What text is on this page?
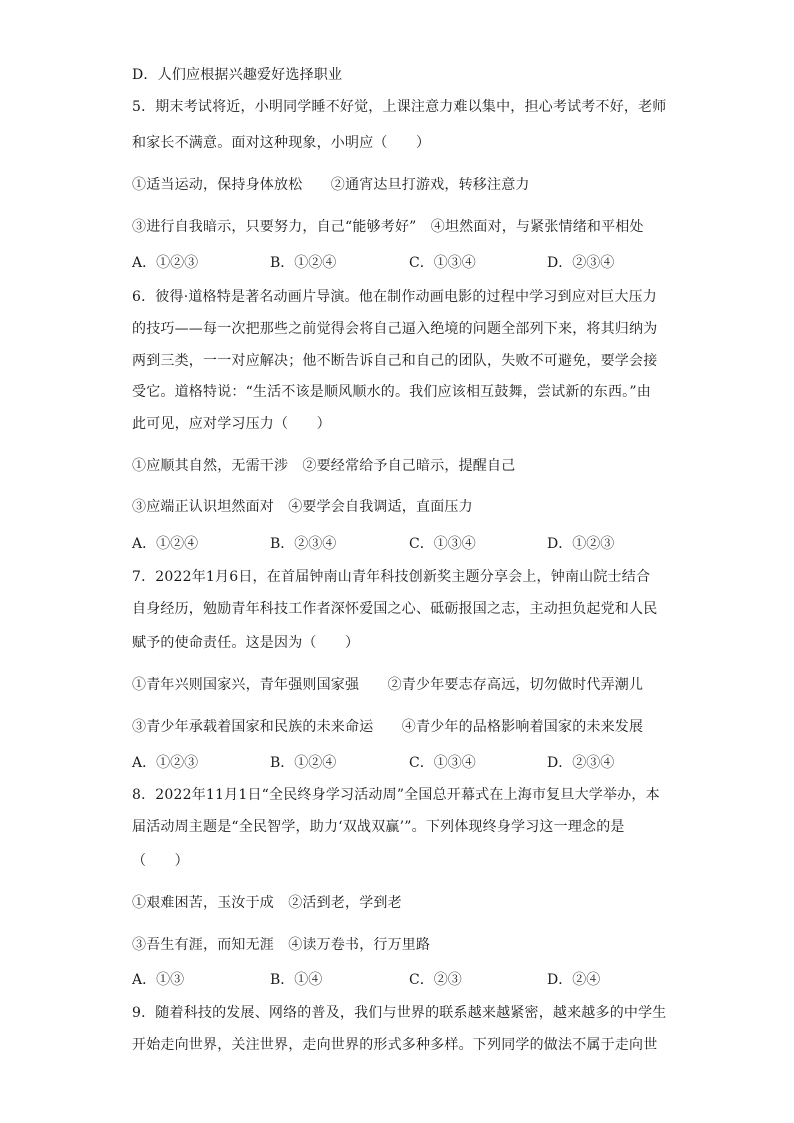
D．人们应根据兴趣爱好选择职业
5．期末考试将近，小明同学睡不好觉，上课注意力难以集中，担心考试考不好，老师
和家长不满意。面对这种现象，小明应（　　）
①适当运动，保持身体放松　　②通宵达旦打游戏，转移注意力
③进行自我暗示，只要努力，自己“能够考好”　④坦然面对，与紧张情绪和平相处
A．①②③	B．①②④	C．①③④	D．②③④
6．彼得·道格特是著名动画片导演。他在制作动画电影的过程中学习到应对巨大压力
的技巧——每一次把那些之前觉得会将自己逼入绝境的问题全部列下来，将其归纳为
两到三类，一一对应解决；他不断告诉自己和自己的团队，失败不可避免，要学会接
受它。道格特说：“生活不该是顺风顺水的。我们应该相互鼓舞，尝试新的东西。”由
此可见，应对学习压力（　　）
①应顺其自然，无需干涉　②要经常给予自己暗示，提醒自己
③应端正认识坦然面对　④要学会自我调适，直面压力
A．①②④	B．②③④	C．①③④	D．①②③
7．2022年1月6日，在首届钟南山青年科技创新奖主题分享会上，钟南山院士结合
自身经历，勉励青年科技工作者深怀爱国之心、砥砺报国之志，主动担负起党和人民
赋予的使命责任。这是因为（　　）
①青年兴则国家兴，青年强则国家强　　②青少年要志存高远，切勿做时代弄潮儿
③青少年承载着国家和民族的未来命运　　④青少年的品格影响着国家的未来发展
A．①②③	B．①②④	C．①③④	D．②③④
8．2022年11月1日“全民终身学习活动周”全国总开幕式在上海市复旦大学举办，本
届活动周主题是“全民智学，助力‘双战双赢’”。下列体现终身学习这一理念的是
（　　）
①艰难困苦，玉汝于成　②活到老，学到老
③吾生有涯，而知无涯　④读万卷书，行万里路
A．①③	B．①④	C．②③	D．②④
9．随着科技的发展、网络的普及，我们与世界的联系越来越紧密，越来越多的中学生
开始走向世界，关注世界，走向世界的形式多种多样。下列同学的做法不属于走向世
